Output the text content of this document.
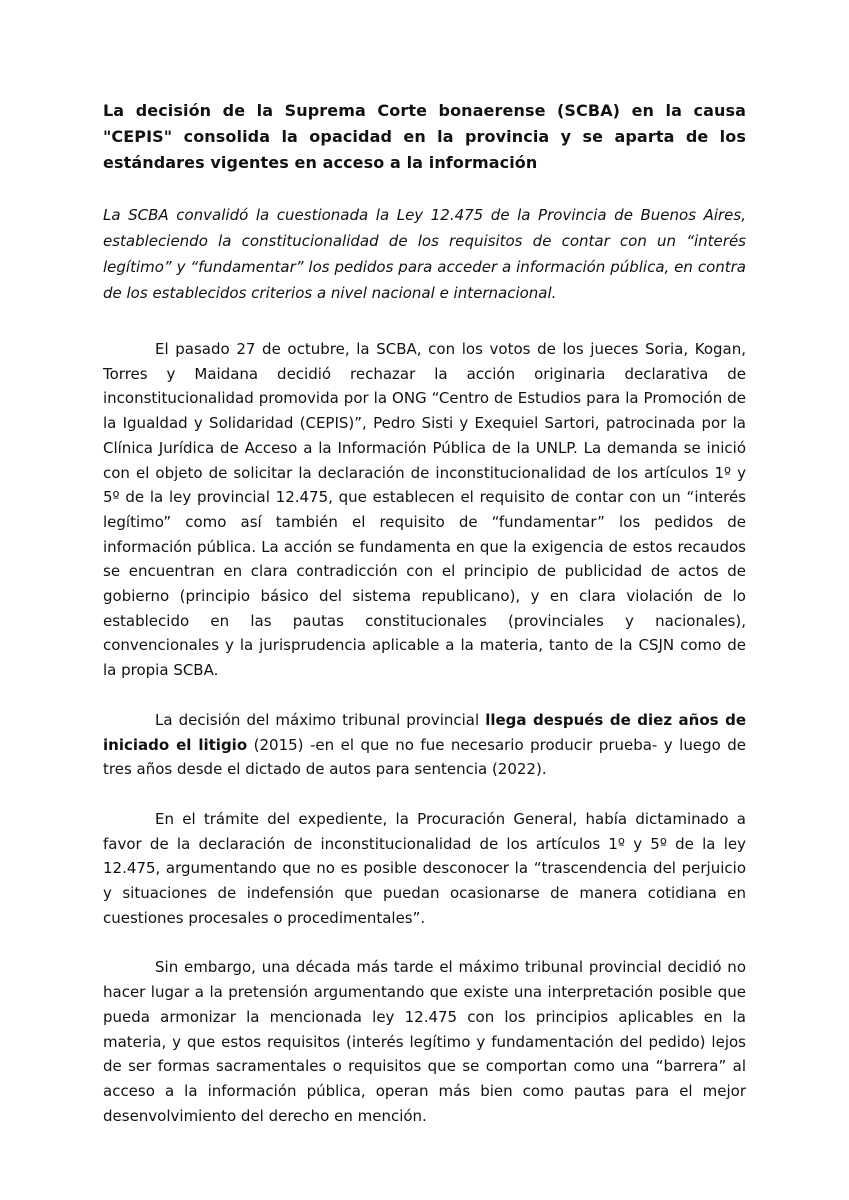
La decisión de la Suprema Corte bonaerense (SCBA) en la causa "CEPIS" consolida la opacidad en la provincia y se aparta de los estándares vigentes en acceso a la información

La SCBA convalidó la cuestionada la Ley 12.475 de la Provincia de Buenos Aires, estableciendo la constitucionalidad de los requisitos de contar con un “interés legítimo” y “fundamentar” los pedidos para acceder a información pública, en contra de los establecidos criterios a nivel nacional e internacional.

El pasado 27 de octubre, la SCBA, con los votos de los jueces Soria, Kogan, Torres y Maidana decidió rechazar la acción originaria declarativa de inconstitucionalidad promovida por la ONG “Centro de Estudios para la Promoción de la Igualdad y Solidaridad (CEPIS)”, Pedro Sisti y Exequiel Sartori, patrocinada por la Clínica Jurídica de Acceso a la Información Pública de la UNLP. La demanda se inició con el objeto de solicitar la declaración de inconstitucionalidad de los artículos 1º y 5º de la ley provincial 12.475, que establecen el requisito de contar con un “interés legítimo” como así también el requisito de “fundamentar” los pedidos de información pública. La acción se fundamenta en que la exigencia de estos recaudos se encuentran en clara contradicción con el principio de publicidad de actos de gobierno (principio básico del sistema republicano), y en clara violación de lo establecido en las pautas constitucionales (provinciales y nacionales), convencionales y la jurisprudencia aplicable a la materia, tanto de la CSJN como de la propia SCBA.

La decisión del máximo tribunal provincial llega después de diez años de iniciado el litigio (2015) -en el que no fue necesario producir prueba- y luego de tres años desde el dictado de autos para sentencia (2022).

En el trámite del expediente, la Procuración General, había dictaminado a favor de la declaración de inconstitucionalidad de los artículos 1º y 5º de la ley 12.475, argumentando que no es posible desconocer la “trascendencia del perjuicio y situaciones de indefensión que puedan ocasionarse de manera cotidiana en cuestiones procesales o procedimentales”.

Sin embargo, una década más tarde el máximo tribunal provincial decidió no hacer lugar a la pretensión argumentando que existe una interpretación posible que pueda armonizar la mencionada ley 12.475 con los principios aplicables en la materia, y que estos requisitos (interés legítimo y fundamentación del pedido) lejos de ser formas sacramentales o requisitos que se comportan como una “barrera” al acceso a la información pública, operan más bien como pautas para el mejor desenvolvimiento del derecho en mención.
